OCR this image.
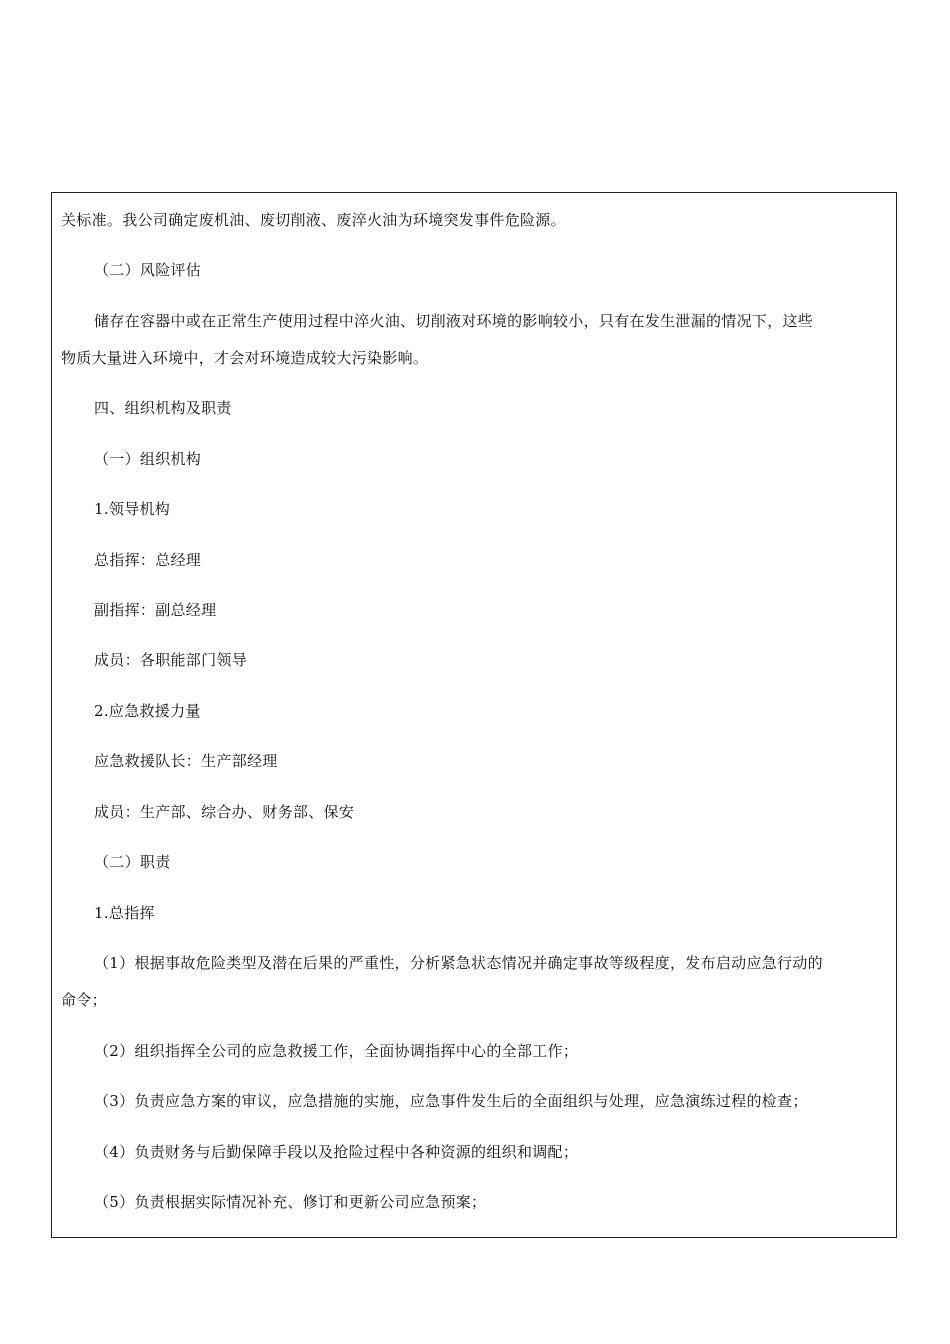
关标准。我公司确定废机油、废切削液、废淬火油为环境突发事件危险源。

（二）风险评估

储存在容器中或在正常生产使用过程中淬火油、切削液对环境的影响较小，只有在发生泄漏的情况下，这些

物质大量进入环境中，才会对环境造成较大污染影响。

四、组织机构及职责

（一）组织机构

1.领导机构

总指挥：总经理

副指挥：副总经理

成员：各职能部门领导

2.应急救援力量

应急救援队长：生产部经理

成员：生产部、综合办、财务部、保安

（二）职责

1.总指挥

（1）根据事故危险类型及潜在后果的严重性，分析紧急状态情况并确定事故等级程度，发布启动应急行动的

命令；

（2）组织指挥全公司的应急救援工作，全面协调指挥中心的全部工作；

（3）负责应急方案的审议，应急措施的实施，应急事件发生后的全面组织与处理，应急演练过程的检查；

（4）负责财务与后勤保障手段以及抢险过程中各种资源的组织和调配；

（5）负责根据实际情况补充、修订和更新公司应急预案；
